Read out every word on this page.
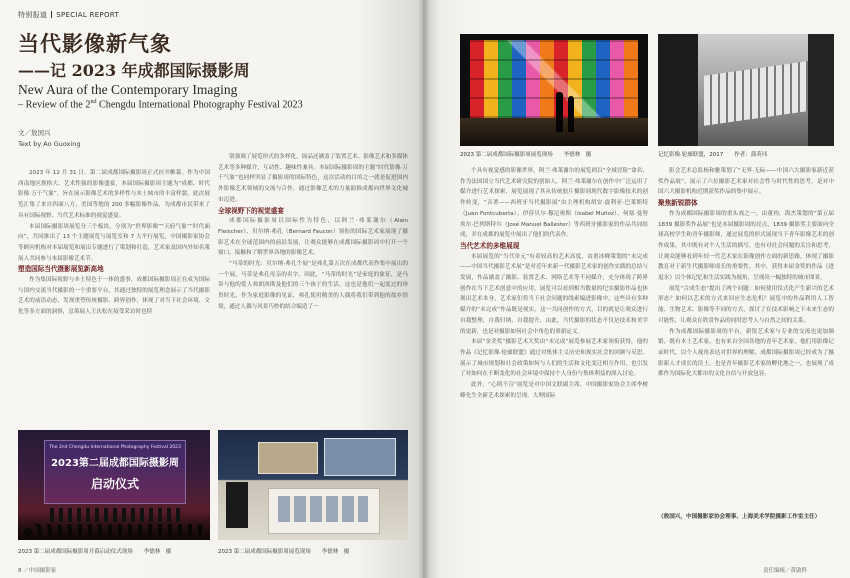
特别报道 SPECIAL REPORT
当代影像新气象
——记 2023 年成都国际摄影周
New Aura of the Contemporary Imaging
– Review of the 2nd Chengdu International Photography Festival 2023
文／敖国兴
Text by Ao Guoxing

2023 年 12 月 31 日，第二届成都国际摄影周正式拉开帷幕。作为中国西南地区规格大、艺术性强的影像盛宴，本届国际摄影周主题为“成都，时代影像·万千气象”，旨在展示影像艺术的多样性与本土城市的丰富样貌。此次展览汇集了来自四面八方、美国等地的 200 多幅影像作品，为成都市民带来了具有国际视野、当代艺术标准的视觉盛宴。

本届国际摄影周展览分三个板块，分别为“世界影像”“天府气象”“时代面向”，共同推出了 13 个主题展览与展览室和 7 大平行展览，中国摄影家协会等顾问机构对本届展览和展出专题进行了策划和打造，艺术家及国内外知名策展人共同参与本届影像艺术节。

塑造国际当代摄影展览新高地

作为集国际视野与本土特色于一体的盛事，成都国际摄影周正在成为国际与国内交流当代摄影的一个重要平台，其通过独特的展览理念展示了当代摄影艺术的前沿动态，发现重塑传统摄影、跨界创作，体现了对当下社会环境、文化等多方面的洞察，总策展人王庆松在接受采访时也特

别强调了展览形式的多样化，展品还涵盖了装置艺术、影像艺术和多媒体艺术等多种媒介，互动性、趣味性兼具。本届国际摄影周的主题“时代影像·万千气象”也同样突显了摄影周的国际特色，这次活动的目的之一就是促进国内外影像艺术领域的交流与合作，通过影像艺术的力量助推成都向世界文化城市迈进。

全球视野下的视觉盛宴

成都国际摄影周以国际性为特色，以阿兰·弗莱谢尔（Alain Fleischer）、贝尔纳·弗孔（Bernard Faucon）领衔的国际艺术家展现了摄影艺术在全球范围内的前沿发展，让观众能够在成都国际摄影周中打开一个窗口，接触和了解世界各地的影像艺术。

“马蒂的时光：贝尔纳·弗孔个展”是弗孔第五次在成都代表作集中展出的一个展，马蒂是弗孔母亲的名字，因此，“马蒂的时光”是家庭的象征，是马蒂与他的爱人弗朗西斯及他们的三个孩子的生活，这也是他们一起度过的珍贵时光，作为家庭影像的见证，弗孔使用精美的人偶将我们带到他的故乡情境，通过人偶与风景巧妙的结合编造了一

The 2nd Chengdu International Photography Festival 2023
2023第二届成都国际摄影周
启动仪式
2023 第二届成都国际摄影周开幕启动仪式现场　　李德林　摄	2023 第二届成都国际摄影周展览现场　　李德林　摄
8 ／中国摄影家
2023 第二届成都国际摄影周展览现场　　李德林　摄	记忆影像·轮廓联盟，2017　　作者：蒲英玮

个具有视觉感的影像世界，阿兰·弗莱谢尔的展览则以“全域冒险”命名，作为法国国立当代艺术研究院的创始人，阿兰·弗莱谢尔在创作中广泛运用了媒介进行艺术探索，展览展现了其从传统胶片摄影到现代数字影像技术的创作转变，“音著——西班牙当代摄影展”由主理机构胡安·旋利亚·巴莱斯特（Juan Fontcuberta）、伊莎贝尔·穆尼奥斯（Isabel Muñoz）、何塞·曼努埃尔·巴列斯特尔（José Manuel Ballester）等西班牙摄影家的作品共同组成，并在成都的展览中展出了他们的代表作。

当代艺术的多维展现

本届展览的“当代单元”有着较高的艺术高度，由重冰峰策划的“未完成——中国当代摄影艺术展”是对近年来新一代摄影艺术家的创作实践的总结与发展，作品涵盖了摄影、装置艺术、网络艺术等不同媒介，充分体现了跨界创作在当下艺术创意中的应用，展览可以看到相当数量的纪实摄影作品也体现出艺术本身，艺术家们将当下社会问题的线索编进影像中，这些具有多种媒介的“未完成”作品既是现实，这一共同创作的方式，目的就是让观众进行自我整理，自我归纳，自我提升，由此，当代摄影的状态不仅是技术和美学的更新，也是对摄影如何社会中角色的重新定义。

本届“金美奖”摄影艺术大奖由“未完成”展览参展艺术家领衔获得，他的作品《记忆影像·轮廓联盟》通过对集体主义历史和现实社会的回顾与反思，展示了城市规划和社会政策如何与人们的生活和文化变迁相互作用，也引发了对如何在不断变化的社会环境中保持个人身份与集体利益的深入讨论。

此外，“心照不宣”展览是对中国文联副主席、中国摄影家协会主席李树峰先生全新艺术探索的呈现，大理国际

影会艺术总监杨和雅策划了“无界·无际——中国六大摄影家新近获奖作品展”，展示了六位摄影艺术家对社会性与时代性的思考，是对中国六大摄影机构近期获奖作品的集中展示。

聚焦新锐群体

作为成都国际摄影周的重头戏之一，由董钧、海杰策划的“第五届 1839 摄影奖作品展”也是本届摄影周的亮点，1839 摄影奖主要面向全球高校学生和青年摄影师，通过展览的形式展现当下青年影像艺术的创作成果。其中既有对个人生活的描写，也有对社会问题的关注和思考，让观众能够看到年轻一代艺术家在影像创作方面的新思路，体现了摄影教育对于新生代摄影师成长的重要性。其中，获得本届金奖的作品《进退水》以个体记忆和生活实践为视角，呈现出一幅独特的城市图景。

展览“合成生态”提出了两个问题：如何使用仪式化产生新兴的艺术形态？如何以艺术的方式来回应生态危机？展览中的作品利用人工智能、生物艺术、影像等不同的方式，探讨了在技术影响之下未来生态的可能性，让观众在欣赏作品的同时思考人与自然之间的关系。

作为成都国际摄影周的平台，新锐艺术家与专业的交流也更加频繁，既有本土艺术家，也有来自全国各地的青年艺术家，他们用影像记录时代，以个人视角表达对世界的理解，成都国际摄影周已经成为了摄影新人才成长的沃土，也是青年摄影艺术家的孵化地之一，也展现了成都作为国际化大都市的文化自信与开放包容。

（敖国兴，中国摄影家协会理事、上海美术学院摄影工作室主任）
责任编辑／黄啟科
